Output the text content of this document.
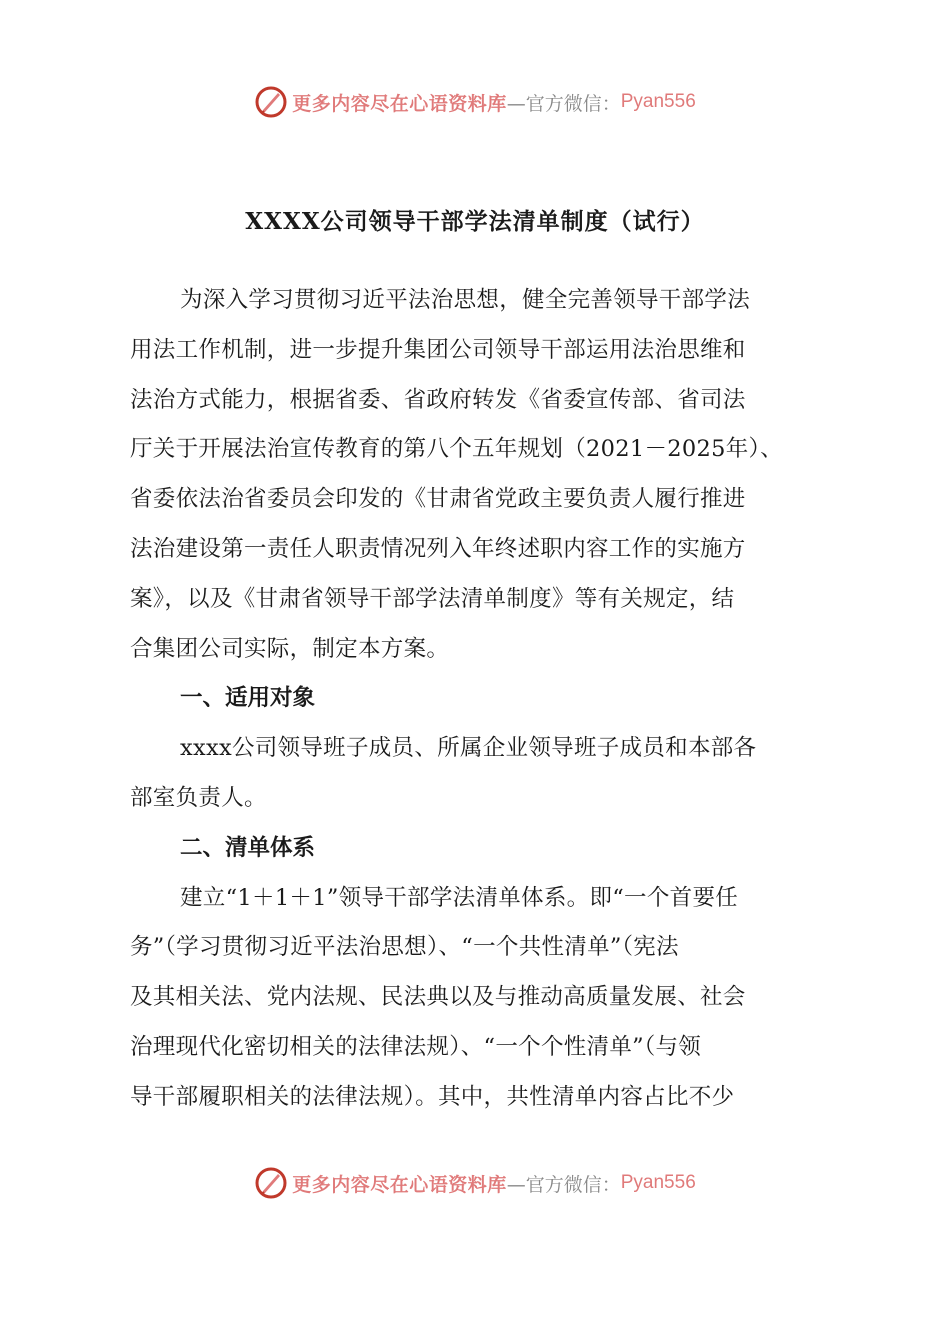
更多内容尽在心语资料库 —官方微信： Pyan556
XXXX公司领导干部学法清单制度（试行）

为深入学习贯彻习近平法治思想，健全完善领导干部学法

用法工作机制，进一步提升集团公司领导干部运用法治思维和

法治方式能力，根据省委、省政府转发《省委宣传部、省司法

厅关于开展法治宣传教育的第八个五年规划（2021－2025年）、

省委依法治省委员会印发的《甘肃省党政主要负责人履行推进

法治建设第一责任人职责情况列入年终述职内容工作的实施方

案》，以及《甘肃省领导干部学法清单制度》等有关规定，结

合集团公司实际，制定本方案。

一、适用对象

xxxx公司领导班子成员、所属企业领导班子成员和本部各

部室负责人。

二、清单体系

建立“1＋1＋1”领导干部学法清单体系。即“一个首要任

务”（学习贯彻习近平法治思想）、“一个共性清单”（宪法

及其相关法、党内法规、民法典以及与推动高质量发展、社会

治理现代化密切相关的法律法规）、“一个个性清单”（与领

导干部履职相关的法律法规）。其中，共性清单内容占比不少

更多内容尽在心语资料库 —官方微信： Pyan556
